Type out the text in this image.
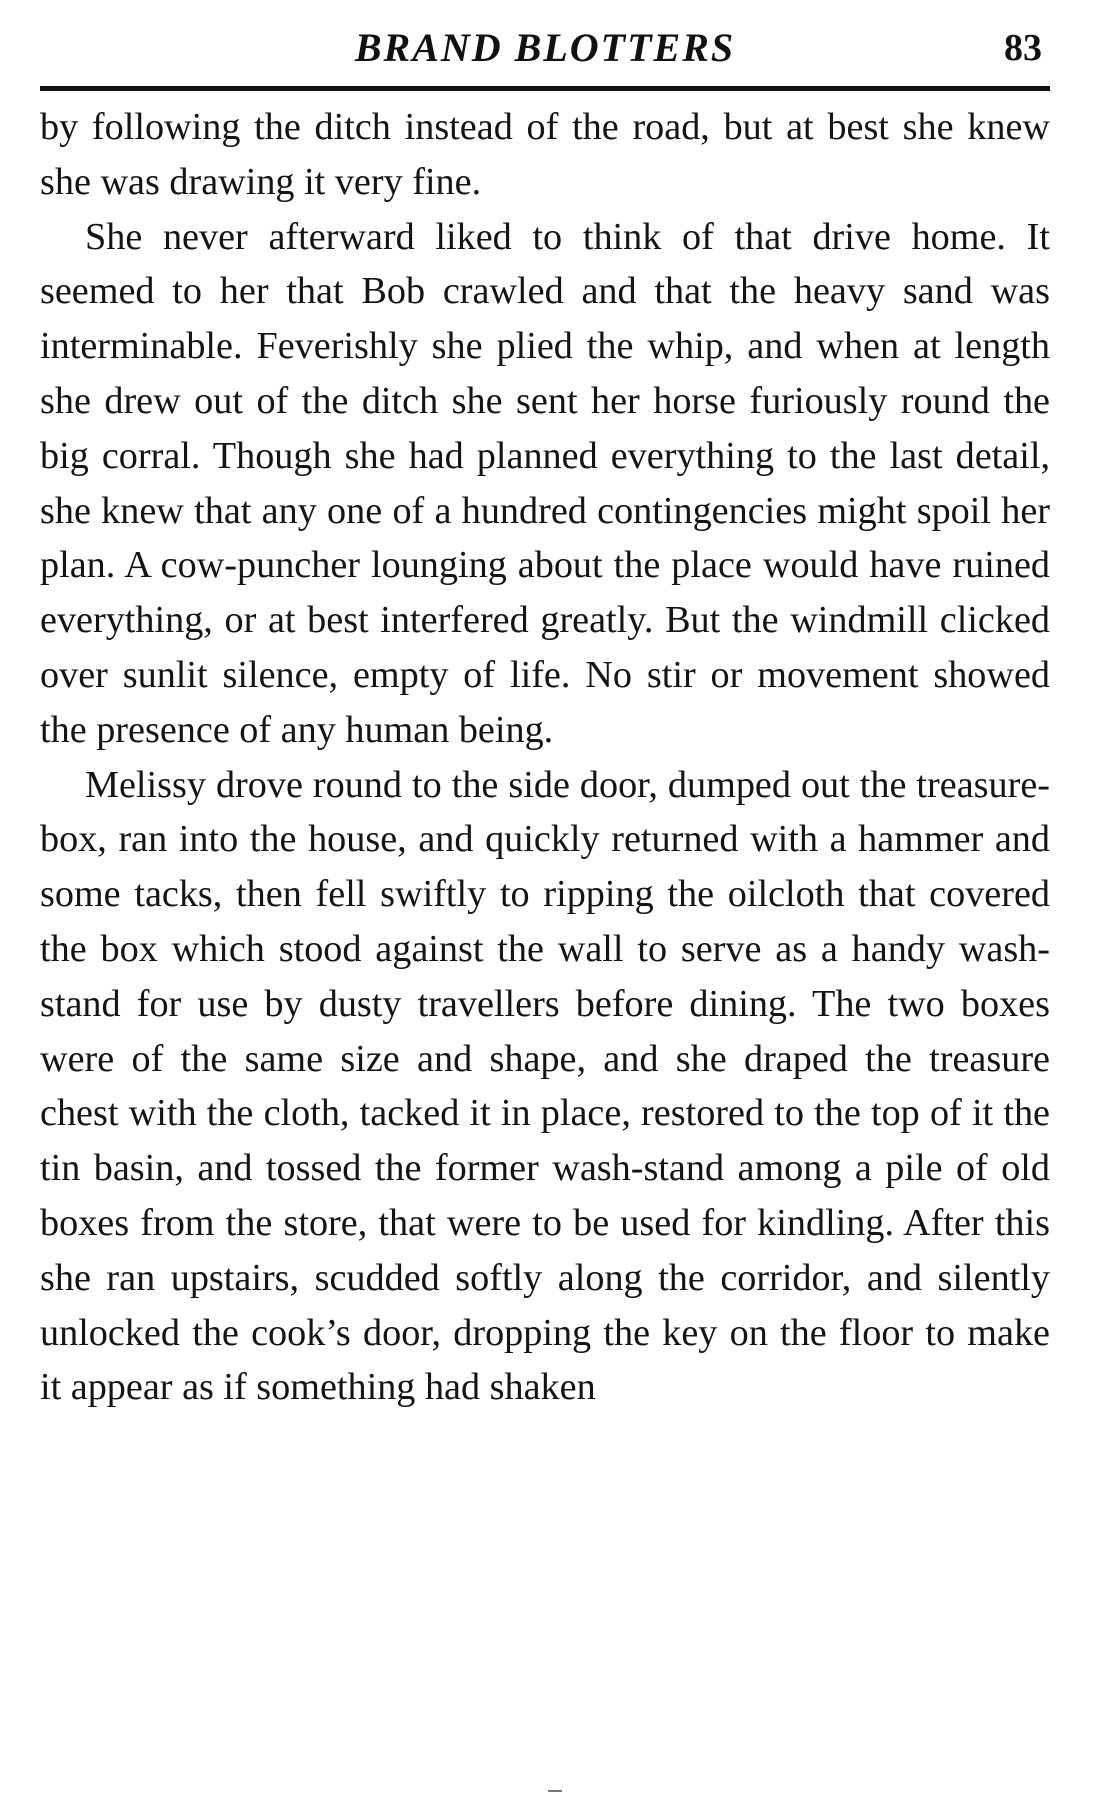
BRAND BLOTTERS	83

by following the ditch instead of the road, but at best she knew she was drawing it very fine.

She never afterward liked to think of that drive home. It seemed to her that Bob crawled and that the heavy sand was interminable. Feverishly she plied the whip, and when at length she drew out of the ditch she sent her horse furiously round the big corral. Though she had planned everything to the last detail, she knew that any one of a hundred contingencies might spoil her plan. A cow-puncher lounging about the place would have ruined everything, or at best interfered greatly. But the windmill clicked over sunlit silence, empty of life. No stir or movement showed the presence of any human being.

Melissy drove round to the side door, dumped out the treasure-box, ran into the house, and quickly returned with a hammer and some tacks, then fell swiftly to ripping the oilcloth that covered the box which stood against the wall to serve as a handy wash-stand for use by dusty travellers before dining. The two boxes were of the same size and shape, and she draped the treasure chest with the cloth, tacked it in place, restored to the top of it the tin basin, and tossed the former wash-stand among a pile of old boxes from the store, that were to be used for kindling. After this she ran upstairs, scudded softly along the corridor, and silently unlocked the cook’s door, dropping the key on the floor to make it appear as if something had shaken
